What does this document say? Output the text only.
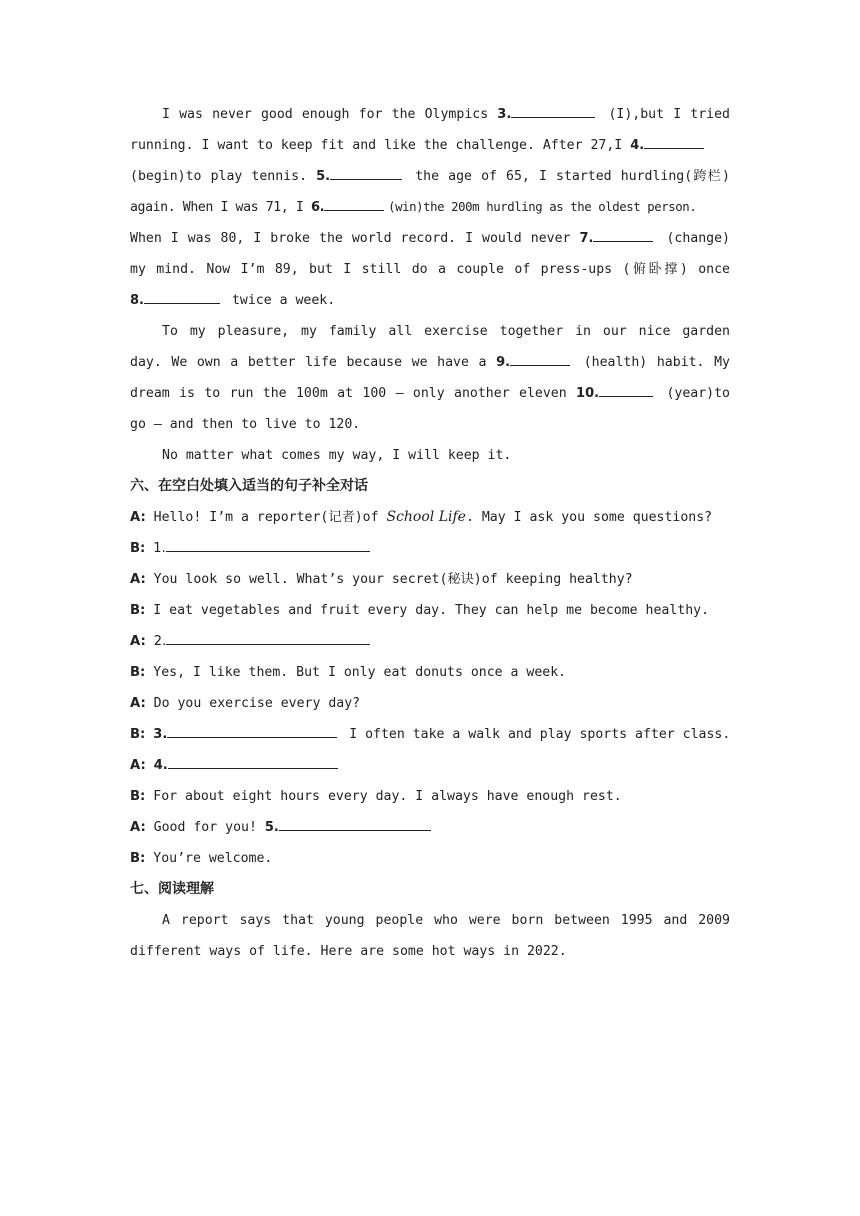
I was never good enough for the Olympics 3.	(I),but I tried
running. I want to keep fit and like the challenge. After 27,I 4.
(begin)to play tennis. 5.	the age of 65, I started hurdling(跨栏)
again. When I was 71, I 6.	(win)the 200m hurdling as the oldest person.
When I was 80, I broke the world record. I would never 7.	(change)
my mind. Now I’m 89, but I still do a couple of press-ups (俯卧撑) once
8.	twice a week.
To my pleasure, my family all exercise together in our nice garden
day. We own a better life because we have a 9.	(health) habit. My
dream is to run the 100m at 100 — only another eleven 10.	(year)to
go — and then to live to 120.
No matter what comes my way, I will keep it.
六、在空白处填入适当的句子补全对话
A: Hello! I’m a reporter(记者)of School Life. May I ask you some questions?
B: 1.
A: You look so well. What’s your secret(秘诀)of keeping healthy?
B: I eat vegetables and fruit every day. They can help me become healthy.
A: 2.
B: Yes, I like them. But I only eat donuts once a week.
A: Do you exercise every day?
B: 3.	I often take a walk and play sports after class.
A: 4.
B: For about eight hours every day. I always have enough rest.
A: Good for you! 5.
B: You’re welcome.
七、阅读理解
A report says that young people who were born between 1995 and 2009
different ways of life. Here are some hot ways in 2022.
